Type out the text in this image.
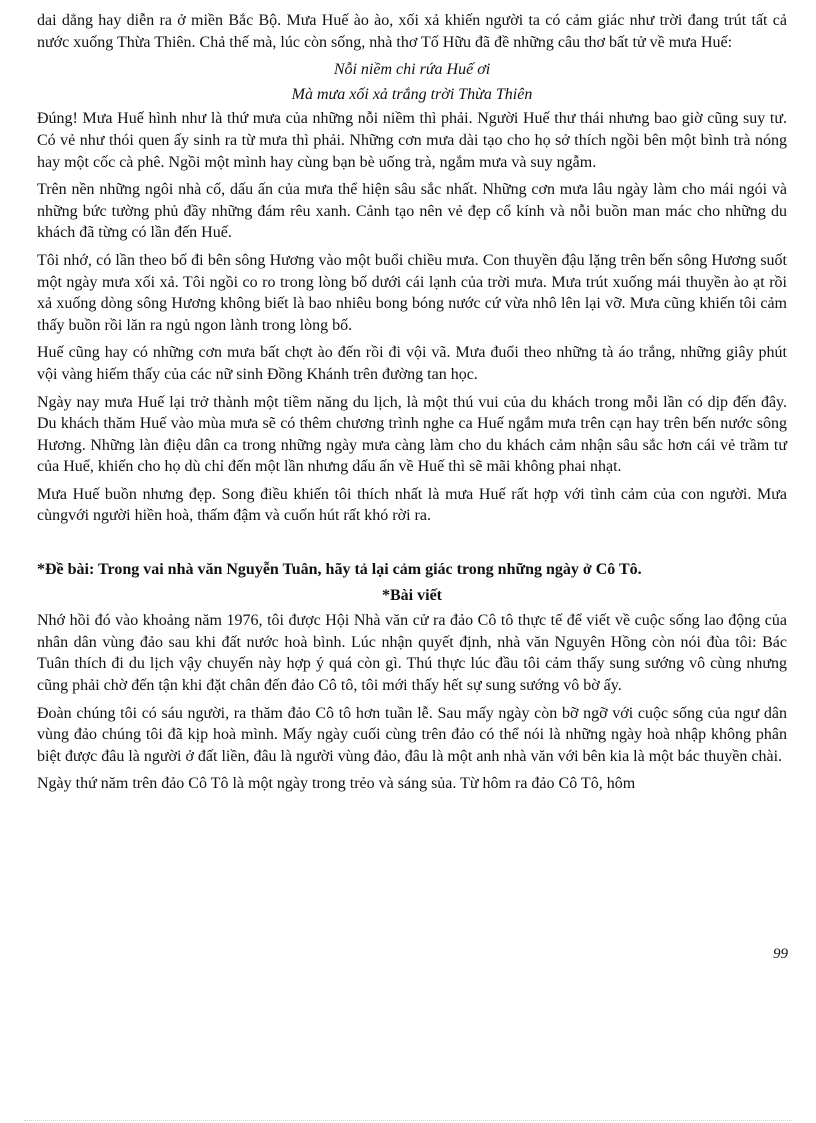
dai dẳng hay diễn ra ở miền Bắc Bộ. Mưa Huế ào ào, xối xả khiến người ta có cảm giác như trời đang trút tất cả nước xuống Thừa Thiên. Chả thế mà, lúc còn sống, nhà thơ Tố Hữu đã đề những câu thơ bất tử về mưa Huế:

Nỗi niềm chi rứa Huế ơi

Mà mưa xối xả trắng trời Thừa Thiên

Đúng! Mưa Huế hình như là thứ mưa của những nỗi niềm thì phải. Người Huế thư thái nhưng bao giờ cũng suy tư. Có vẻ như thói quen ấy sinh ra từ mưa thì phải. Những cơn mưa dài tạo cho họ sở thích ngồi bên một bình trà nóng hay một cốc cà phê. Ngồi một mình hay cùng bạn bè uống trà, ngắm mưa và suy ngẫm.

Trên nền những ngôi nhà cổ, dấu ấn của mưa thể hiện sâu sắc nhất. Những cơn mưa lâu ngày làm cho mái ngói và những bức tường phủ đầy những đám rêu xanh. Cảnh tạo nên vẻ đẹp cổ kính và nỗi buồn man mác cho những du khách đã từng có lần đến Huế.

Tôi nhớ, có lần theo bố đi bên sông Hương vào một buổi chiều mưa. Con thuyền đậu lặng trên bến sông Hương suốt một ngày mưa xối xả. Tôi ngồi co ro trong lòng bố dưới cái lạnh của trời mưa. Mưa trút xuống mái thuyền ào ạt rồi xả xuống dòng sông Hương không biết là bao nhiêu bong bóng nước cứ vừa nhô lên lại vỡ. Mưa cũng khiến tôi cảm thấy buồn rồi lăn ra ngủ ngon lành trong lòng bố.

Huế cũng hay có những cơn mưa bất chợt ào đến rồi đi vội vã. Mưa đuổi theo những tà áo trắng, những giây phút vội vàng hiếm thấy của các nữ sinh Đồng Khánh trên đường tan học.

Ngày nay mưa Huế lại trở thành một tiềm năng du lịch, là một thú vui của du khách trong mỗi lần có dịp đến đây. Du khách thăm Huế vào mùa mưa sẽ có thêm chương trình nghe ca Huế ngắm mưa trên cạn hay trên bến nước sông Hương. Những làn điệu dân ca trong những ngày mưa càng làm cho du khách cảm nhận sâu sắc hơn cái vẻ trầm tư của Huế, khiến cho họ dù chỉ đến một lần nhưng dấu ấn về Huế thì sẽ mãi không phai nhạt.

Mưa Huế buồn nhưng đẹp. Song điều khiến tôi thích nhất là mưa Huế rất hợp với tình cảm của con người. Mưa cùngvới người hiền hoà, thấm đậm và cuốn hút rất khó rời ra.

*Đề bài: Trong vai nhà văn Nguyễn Tuân, hãy tả lại cảm giác trong những ngày ở Cô Tô.

*Bài viết

Nhớ hồi đó vào khoảng năm 1976, tôi được Hội Nhà văn cử ra đảo Cô tô thực tế để viết về cuộc sống lao động của nhân dân vùng đảo sau khi đất nước hoà bình. Lúc nhận quyết định, nhà văn Nguyên Hồng còn nói đùa tôi: Bác Tuân thích đi du lịch vậy chuyến này hợp ý quá còn gì. Thú thực lúc đầu tôi cảm thấy sung sướng vô cùng nhưng cũng phải chờ đến tận khi đặt chân đến đảo Cô tô, tôi mới thấy hết sự sung sướng vô bờ ấy.

Đoàn chúng tôi có sáu người, ra thăm đảo Cô tô hơn tuần lễ. Sau mấy ngày còn bỡ ngỡ với cuộc sống của ngư dân vùng đảo chúng tôi đã kịp hoà mình. Mấy ngày cuối cùng trên đảo có thể nói là những ngày hoà nhập không phân biệt được đâu là người ở đất liền, đâu là người vùng đảo, đâu là một anh nhà văn với bên kia là một bác thuyền chài.

Ngày thứ năm trên đảo Cô Tô là một ngày trong trẻo và sáng sủa. Từ hôm ra đảo Cô Tô, hôm

99
